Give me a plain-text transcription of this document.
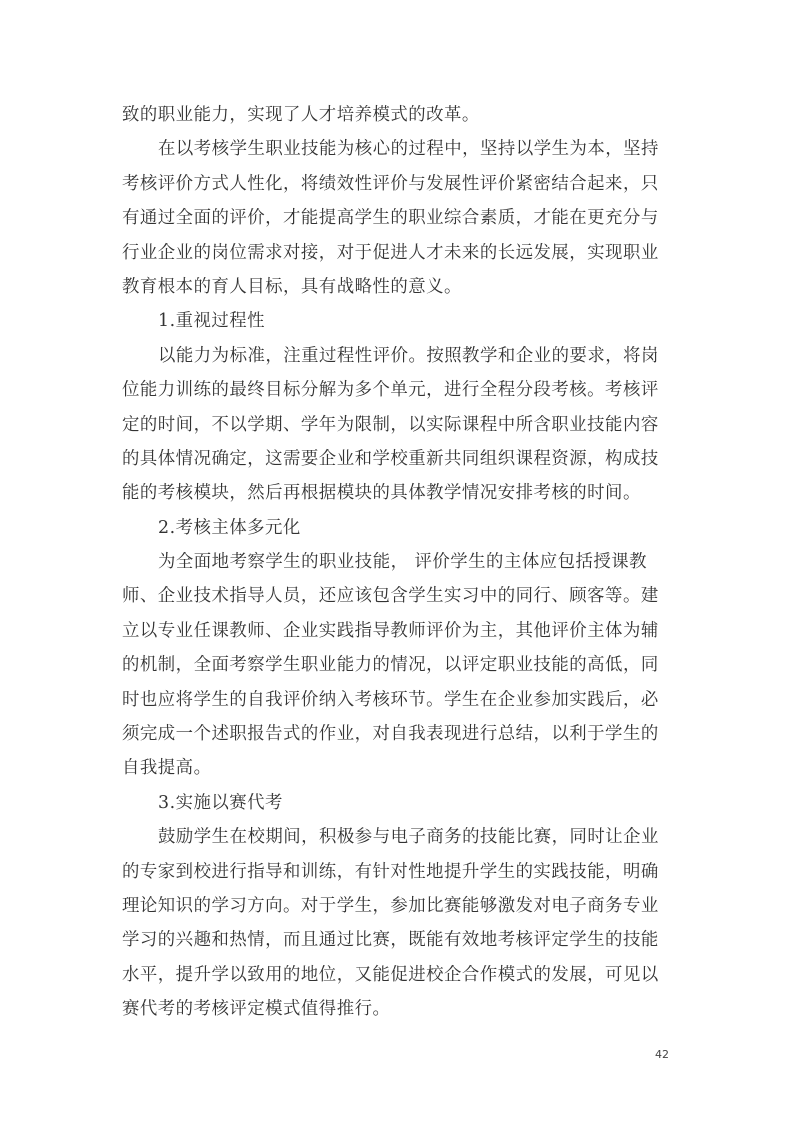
致的职业能力，实现了人才培养模式的改革。
在以考核学生职业技能为核心的过程中，坚持以学生为本，坚持
考核评价方式人性化，将绩效性评价与发展性评价紧密结合起来，只
有通过全面的评价，才能提高学生的职业综合素质，才能在更充分与
行业企业的岗位需求对接，对于促进人才未来的长远发展，实现职业
教育根本的育人目标，具有战略性的意义。
1.重视过程性
以能力为标准，注重过程性评价。按照教学和企业的要求，将岗
位能力训练的最终目标分解为多个单元，进行全程分段考核。考核评
定的时间，不以学期、学年为限制，以实际课程中所含职业技能内容
的具体情况确定，这需要企业和学校重新共同组织课程资源，构成技
能的考核模块，然后再根据模块的具体教学情况安排考核的时间。
2.考核主体多元化
为全面地考察学生的职业技能， 评价学生的主体应包括授课教
师、企业技术指导人员，还应该包含学生实习中的同行、顾客等。建
立以专业任课教师、企业实践指导教师评价为主，其他评价主体为辅
的机制，全面考察学生职业能力的情况，以评定职业技能的高低，同
时也应将学生的自我评价纳入考核环节。学生在企业参加实践后，必
须完成一个述职报告式的作业，对自我表现进行总结，以利于学生的
自我提高。
3.实施以赛代考
鼓励学生在校期间，积极参与电子商务的技能比赛，同时让企业
的专家到校进行指导和训练，有针对性地提升学生的实践技能，明确
理论知识的学习方向。对于学生，参加比赛能够激发对电子商务专业
学习的兴趣和热情，而且通过比赛，既能有效地考核评定学生的技能
水平，提升学以致用的地位，又能促进校企合作模式的发展，可见以
赛代考的考核评定模式值得推行。
42
